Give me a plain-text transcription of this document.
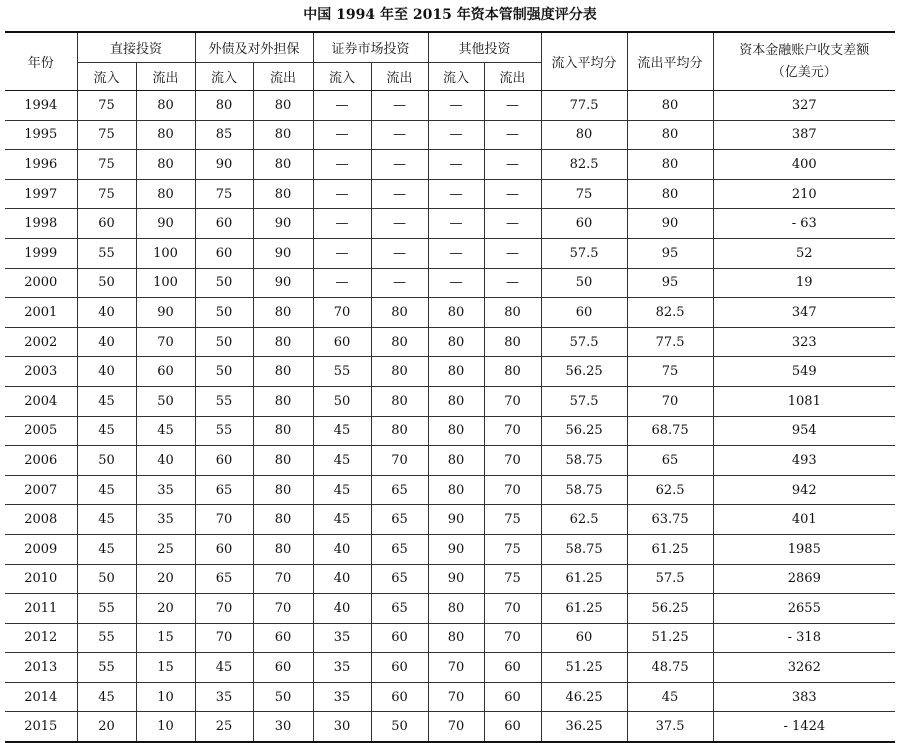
中国 1994 年至 2015 年资本管制强度评分表
年份	直接投资		外债及对外担保		证券市场投资		其他投资		流入平均分	流出平均分	资本金融账户收支差额
（亿美元）
	流入	流出	流入	流出	流入	流出	流入	流出			
1994	75	80	80	80	—	—	—	—	77.5	80	327
1995	75	80	85	80	—	—	—	—	80	80	387
1996	75	80	90	80	—	—	—	—	82.5	80	400
1997	75	80	75	80	—	—	—	—	75	80	210
1998	60	90	60	90	—	—	—	—	60	90	- 63
1999	55	100	60	90	—	—	—	—	57.5	95	52
2000	50	100	50	90	—	—	—	—	50	95	19
2001	40	90	50	80	70	80	80	80	60	82.5	347
2002	40	70	50	80	60	80	80	80	57.5	77.5	323
2003	40	60	50	80	55	80	80	80	56.25	75	549
2004	45	50	55	80	50	80	80	70	57.5	70	1081
2005	45	45	55	80	45	80	80	70	56.25	68.75	954
2006	50	40	60	80	45	70	80	70	58.75	65	493
2007	45	35	65	80	45	65	80	70	58.75	62.5	942
2008	45	35	70	80	45	65	90	75	62.5	63.75	401
2009	45	25	60	80	40	65	90	75	58.75	61.25	1985
2010	50	20	65	70	40	65	90	75	61.25	57.5	2869
2011	55	20	70	70	40	65	80	70	61.25	56.25	2655
2012	55	15	70	60	35	60	80	70	60	51.25	- 318
2013	55	15	45	60	35	60	70	60	51.25	48.75	3262
2014	45	10	35	50	35	60	70	60	46.25	45	383
2015	20	10	25	30	30	50	70	60	36.25	37.5	- 1424
